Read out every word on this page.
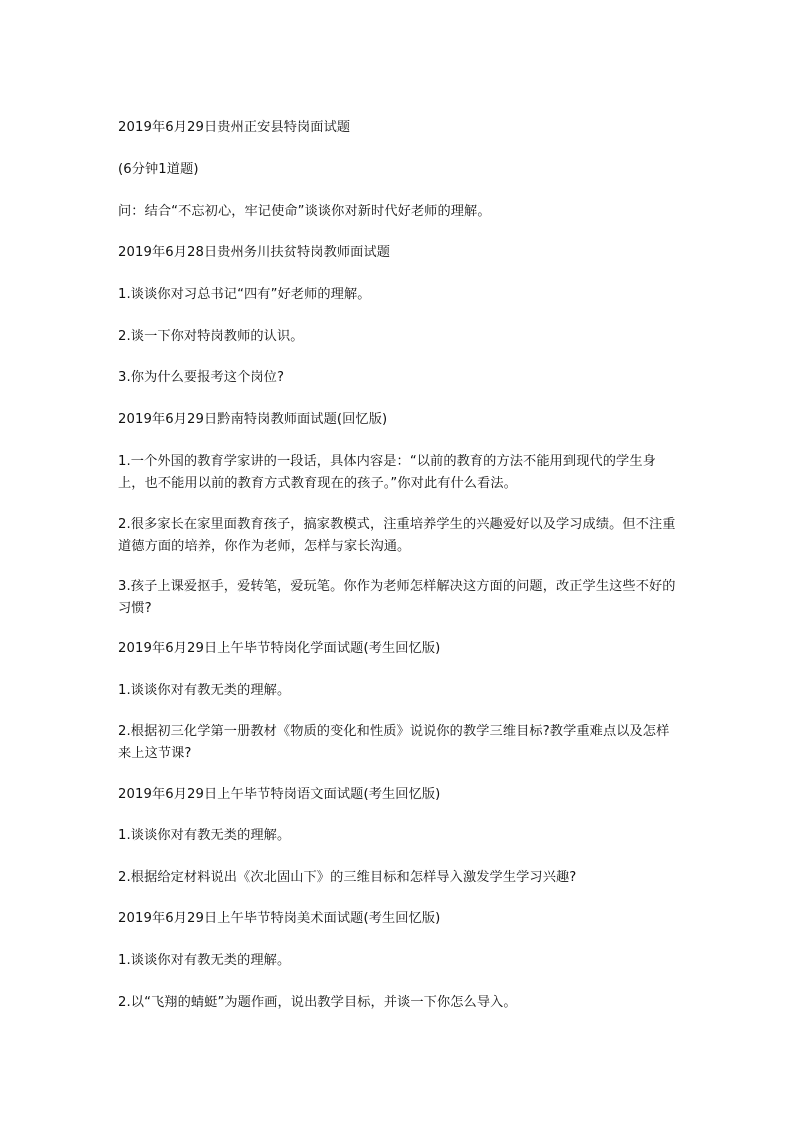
2019年6月29日贵州正安县特岗面试题

(6分钟1道题)

问：结合“不忘初心，牢记使命”谈谈你对新时代好老师的理解。

2019年6月28日贵州务川扶贫特岗教师面试题

1.谈谈你对习总书记“四有”好老师的理解。

2.谈一下你对特岗教师的认识。

3.你为什么要报考这个岗位?

2019年6月29日黔南特岗教师面试题(回忆版)

1.一个外国的教育学家讲的一段话，具体内容是：“以前的教育的方法不能用到现代的学生身上，也不能用以前的教育方式教育现在的孩子。”你对此有什么看法。

2.很多家长在家里面教育孩子，搞家教模式，注重培养学生的兴趣爱好以及学习成绩。但不注重道德方面的培养，你作为老师，怎样与家长沟通。

3.孩子上课爱抠手，爱转笔，爱玩笔。你作为老师怎样解决这方面的问题，改正学生这些不好的习惯?

2019年6月29日上午毕节特岗化学面试题(考生回忆版)

1.谈谈你对有教无类的理解。

2.根据初三化学第一册教材《物质的变化和性质》说说你的教学三维目标?教学重难点以及怎样来上这节课?

2019年6月29日上午毕节特岗语文面试题(考生回忆版)

1.谈谈你对有教无类的理解。

2.根据给定材料说出《次北固山下》的三维目标和怎样导入激发学生学习兴趣?

2019年6月29日上午毕节特岗美术面试题(考生回忆版)

1.谈谈你对有教无类的理解。

2.以“飞翔的蜻蜓”为题作画，说出教学目标，并谈一下你怎么导入。
